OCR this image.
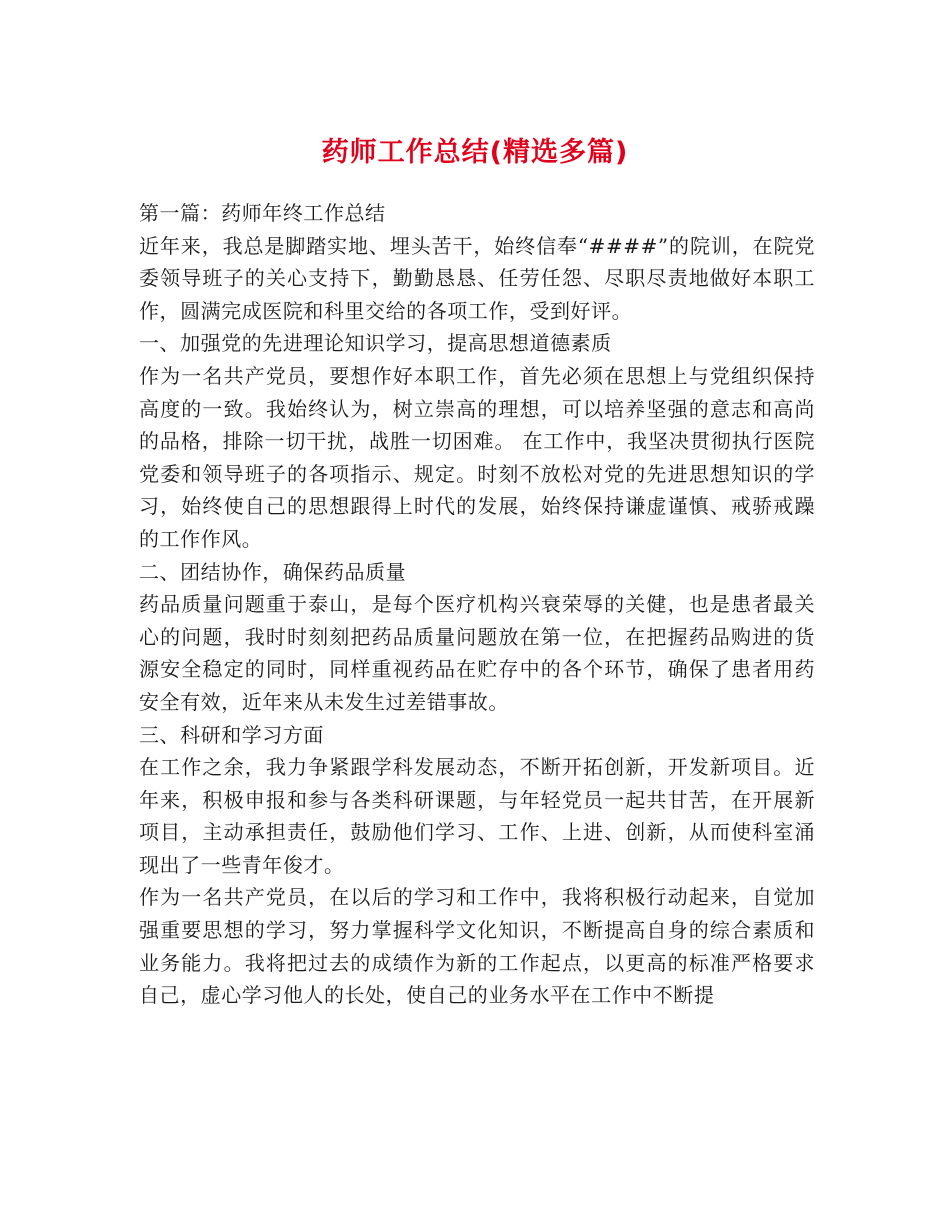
药师工作总结(精选多篇)

第一篇：药师年终工作总结

近年来，我总是脚踏实地、埋头苦干，始终信奉“####”的院训，在院党委领导班子的关心支持下，勤勤恳恳、任劳任怨、尽职尽责地做好本职工作，圆满完成医院和科里交给的各项工作，受到好评。

一、加强党的先进理论知识学习，提高思想道德素质

作为一名共产党员，要想作好本职工作，首先必须在思想上与党组织保持高度的一致。我始终认为，树立崇高的理想，可以培养坚强的意志和高尚的品格，排除一切干扰，战胜一切困难。 在工作中，我坚决贯彻执行医院党委和领导班子的各项指示、规定。时刻不放松对党的先进思想知识的学习，始终使自己的思想跟得上时代的发展，始终保持谦虚谨慎、戒骄戒躁的工作作风。

二、团结协作，确保药品质量

药品质量问题重于泰山，是每个医疗机构兴衰荣辱的关健，也是患者最关心的问题，我时时刻刻把药品质量问题放在第一位，在把握药品购进的货源安全稳定的同时，同样重视药品在贮存中的各个环节，确保了患者用药安全有效，近年来从未发生过差错事故。

三、科研和学习方面

在工作之余，我力争紧跟学科发展动态，不断开拓创新，开发新项目。近年来，积极申报和参与各类科研课题，与年轻党员一起共甘苦，在开展新项目，主动承担责任，鼓励他们学习、工作、上进、创新，从而使科室涌现出了一些青年俊才。

作为一名共产党员，在以后的学习和工作中，我将积极行动起来，自觉加强重要思想的学习，努力掌握科学文化知识，不断提高自身的综合素质和业务能力。我将把过去的成绩作为新的工作起点，以更高的标准严格要求自己，虚心学习他人的长处，使自己的业务水平在工作中不断提
